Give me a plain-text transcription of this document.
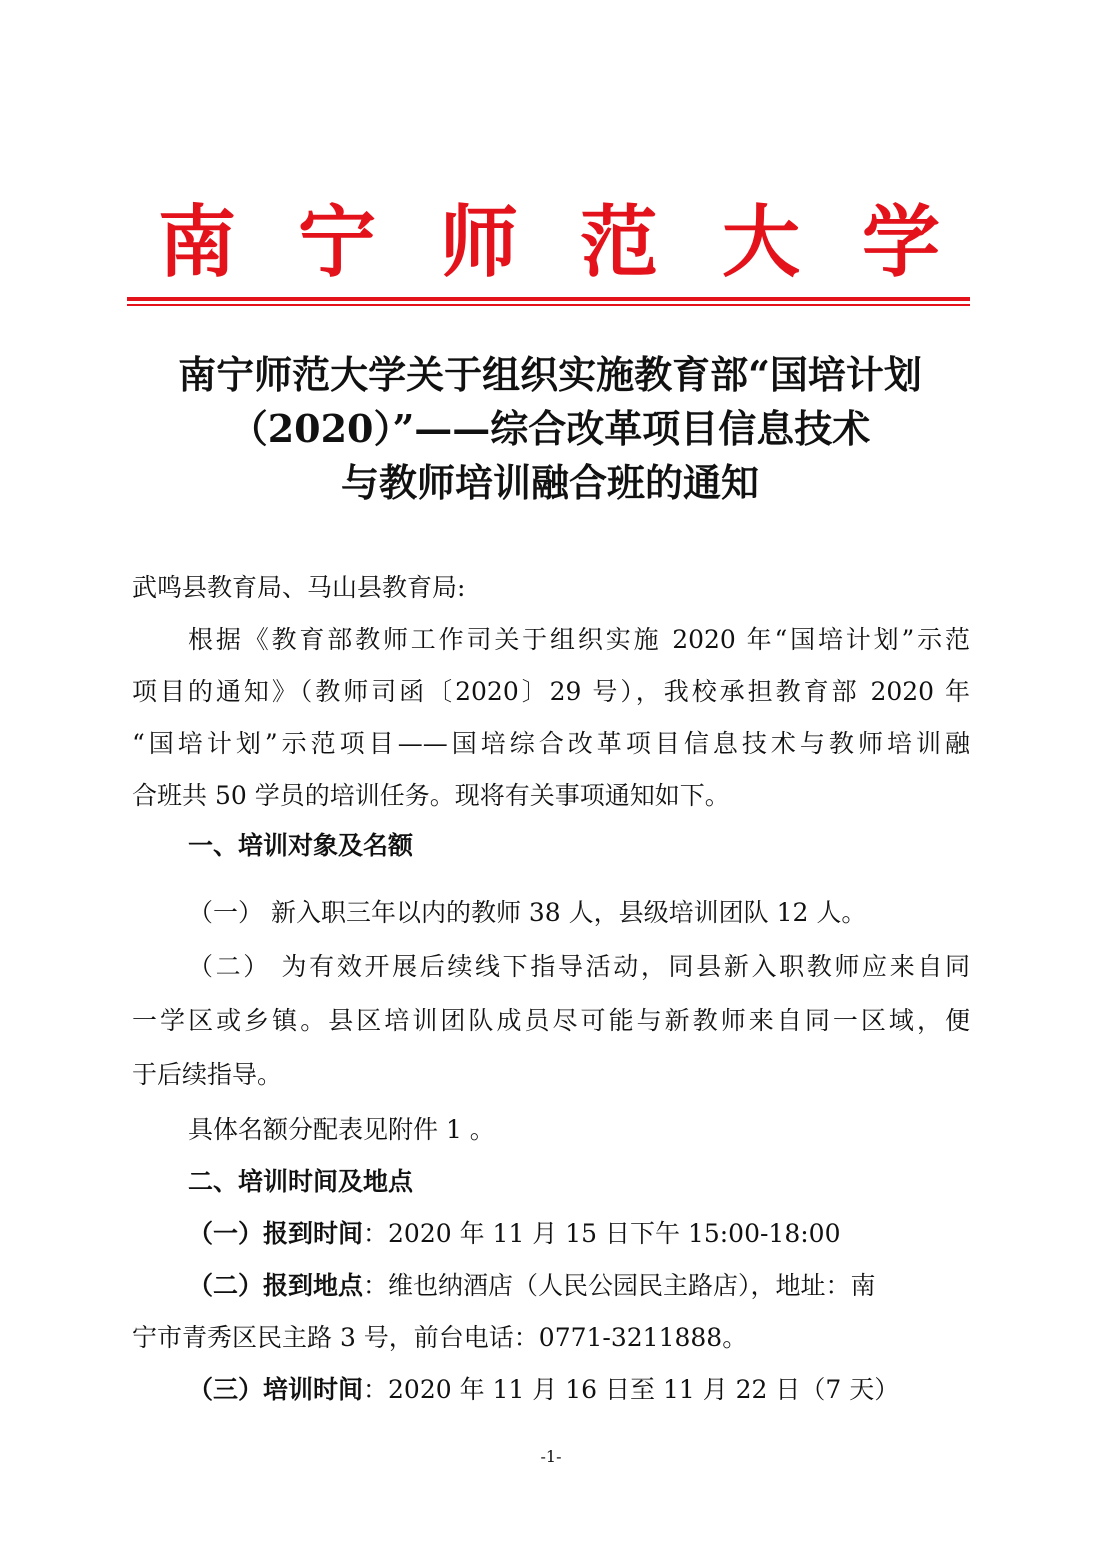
南 宁 师 范 大 学
南宁师范大学关于组织实施教育部“国培计划
（2020）”——综合改革项目信息技术
与教师培训融合班的通知
武鸣县教育局、马山县教育局:
根据《教育部教师工作司关于组织实施 2020 年“国培计划”示范
项目的通知》（教师司函〔2020〕29 号），我校承担教育部 2020 年
“国培计划”示范项目——国培综合改革项目信息技术与教师培训融
合班共 50 学员的培训任务。现将有关事项通知如下。
一、培训对象及名额
（一） 新入职三年以内的教师 38 人，县级培训团队 12 人。
（二） 为有效开展后续线下指导活动，同县新入职教师应来自同
一学区或乡镇。县区培训团队成员尽可能与新教师来自同一区域，便
于后续指导。
具体名额分配表见附件 1 。
二、培训时间及地点
（一）报到时间：2020 年 11 月 15 日下午 15:00-18:00
（二）报到地点：维也纳酒店（人民公园民主路店），地址：南
宁市青秀区民主路 3 号，前台电话：0771-3211888。
（三）培训时间：2020 年 11 月 16 日至 11 月 22 日（7 天）
-1-
